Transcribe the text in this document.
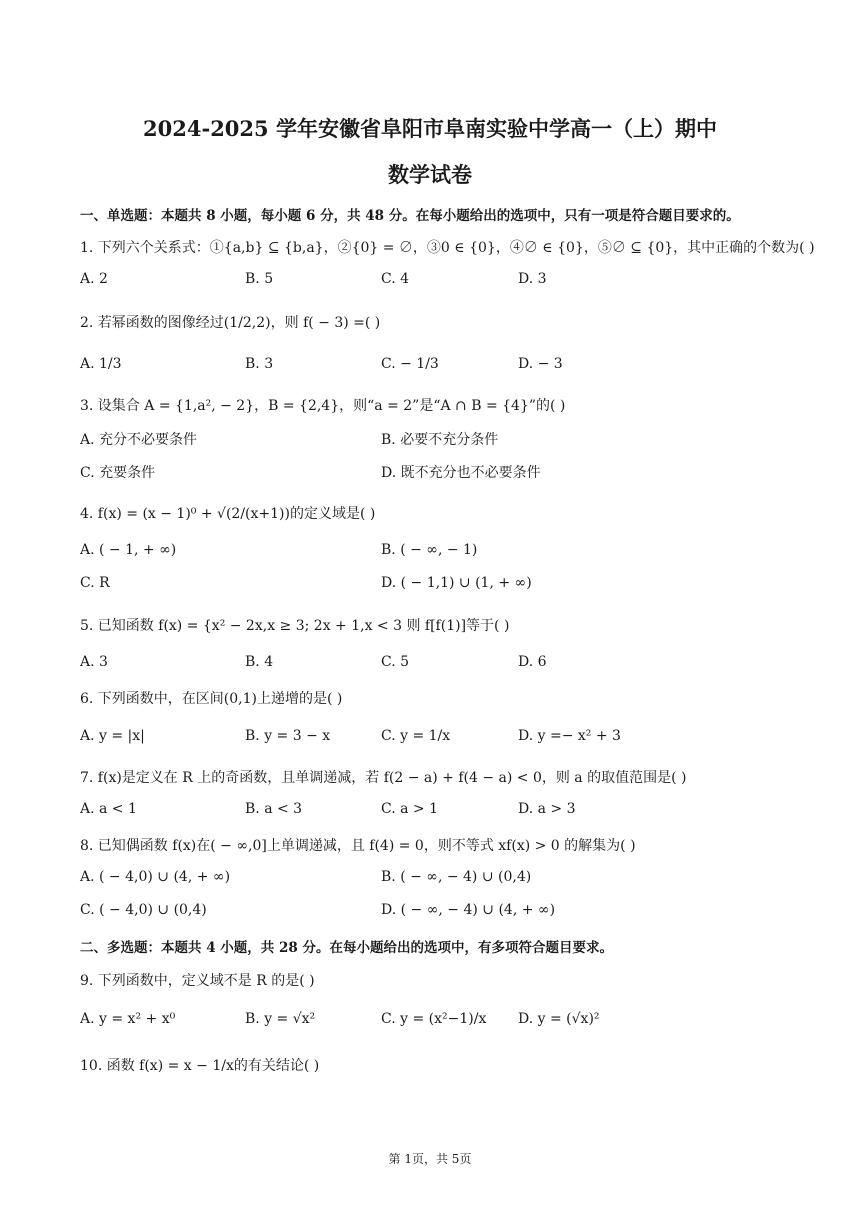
2024-2025 学年安徽省阜阳市阜南实验中学高一（上）期中
数学试卷
一、单选题：本题共 8 小题，每小题 6 分，共 48 分。在每小题给出的选项中，只有一项是符合题目要求的。
1. 下列六个关系式：①{a,b} ⊆ {b,a}，②{0} = ∅，③0 ∈ {0}，④∅ ∈ {0}，⑤∅ ⊆ {0}，其中正确的个数为( )
A. 2	B. 5	C. 4	D. 3
2. 若幂函数的图像经过(1/2,2)，则 f( − 3) =( )
A. 1/3	B. 3	C. − 1/3	D. − 3
3. 设集合 A = {1,a², − 2}，B = {2,4}，则“a = 2”是“A ∩ B = {4}”的( )
A. 充分不必要条件	B. 必要不充分条件
C. 充要条件	D. 既不充分也不必要条件
4. f(x) = (x − 1)⁰ + √(2/(x+1))的定义域是( )
A. ( − 1, + ∞)	B. ( − ∞, − 1)
C. R	D. ( − 1,1) ∪ (1, + ∞)
5. 已知函数 f(x) = {x² − 2x,x ≥ 3; 2x + 1,x < 3 则 f[f(1)]等于( )
A. 3	B. 4	C. 5	D. 6
6. 下列函数中，在区间(0,1)上递增的是( )
A. y = |x|	B. y = 3 − x	C. y = 1/x	D. y =− x² + 3
7. f(x)是定义在 R 上的奇函数，且单调递减，若 f(2 − a) + f(4 − a) < 0，则 a 的取值范围是( )
A. a < 1	B. a < 3	C. a > 1	D. a > 3
8. 已知偶函数 f(x)在( − ∞,0]上单调递减，且 f(4) = 0，则不等式 xf(x) > 0 的解集为( )
A. ( − 4,0) ∪ (4, + ∞)	B. ( − ∞, − 4) ∪ (0,4)
C. ( − 4,0) ∪ (0,4)	D. ( − ∞, − 4) ∪ (4, + ∞)
二、多选题：本题共 4 小题，共 28 分。在每小题给出的选项中，有多项符合题目要求。
9. 下列函数中，定义域不是 R 的是( )
A. y = x² + x⁰	B. y = √x²	C. y = (x²−1)/x D. y = (√x)²
10. 函数 f(x) = x − 1/x的有关结论( )
第 1页，共 5页
